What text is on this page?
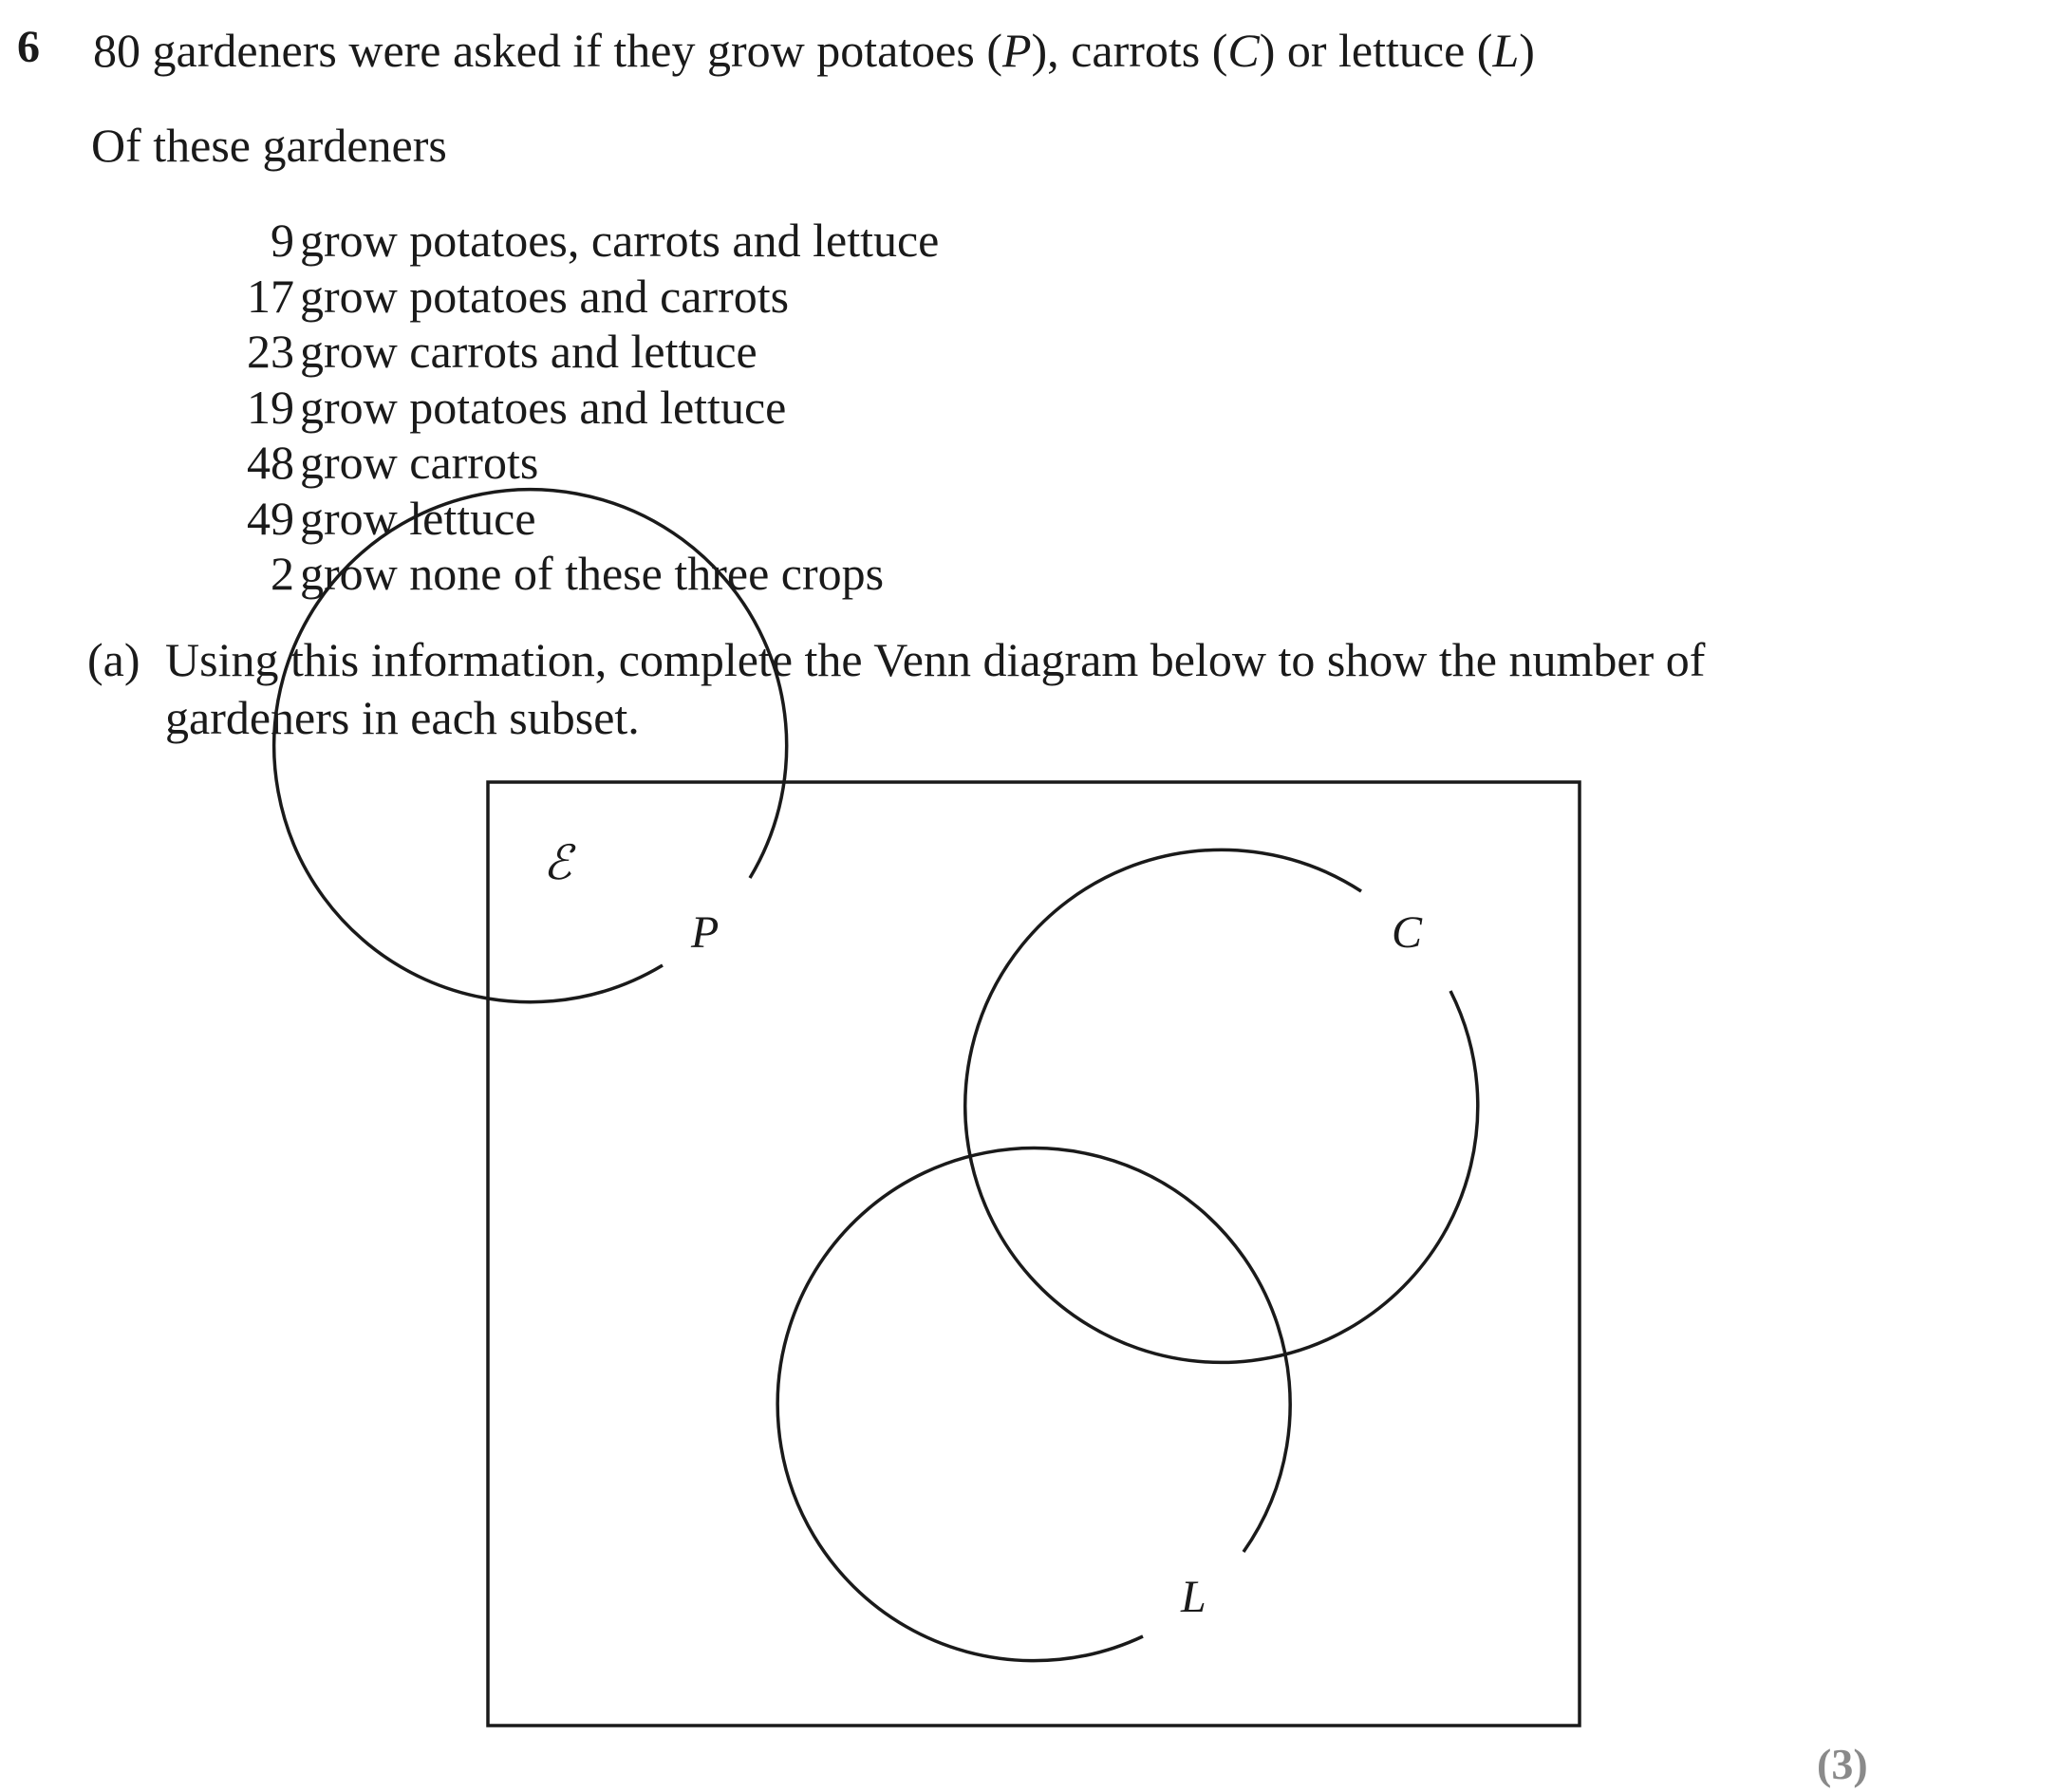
6 80 gardeners were asked if they grow potatoes (P), carrots (C) or lettuce (L)
Of these gardeners
9 grow potatoes, carrots and lettuce
17 grow potatoes and carrots
23 grow carrots and lettuce
19 grow potatoes and lettuce
48 grow carrots
49 grow lettuce
2 grow none of these three crops
(a) Using this information, complete the Venn diagram below to show the number of
gardeners in each subset.
ℰ
P	C
L
(3)
